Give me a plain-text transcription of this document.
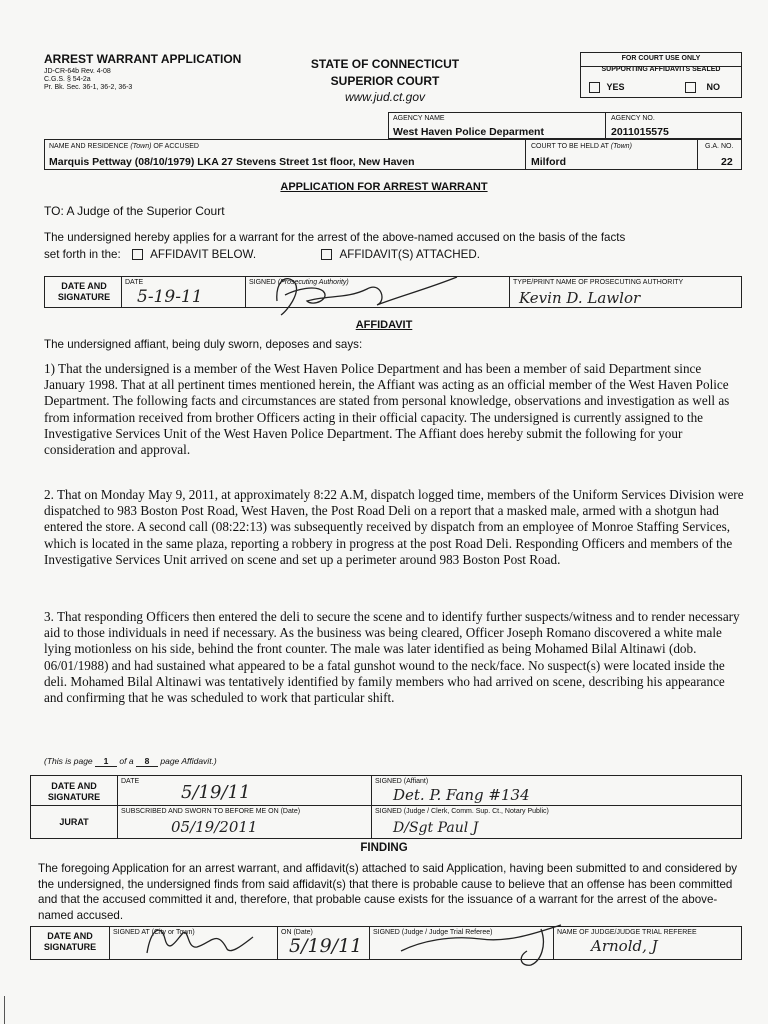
ARREST WARRANT APPLICATION
JD-CR-64b Rev. 4-08
C.G.S. § 54-2a
Pr. Bk. Sec. 36-1, 36-2, 36-3
STATE OF CONNECTICUT
SUPERIOR COURT
www.jud.ct.gov
FOR COURT USE ONLY
SUPPORTING AFFIDAVITS SEALED
YES	NO
AGENCY NAME
West Haven Police Deparment
AGENCY NO.
2011015575
NAME AND RESIDENCE (Town) OF ACCUSED
Marquis Pettway (08/10/1979) LKA 27 Stevens Street 1st floor, New Haven
COURT TO BE HELD AT (Town)
Milford
G.A. NO.
22
APPLICATION FOR ARREST WARRANT
TO: A Judge of the Superior Court
The undersigned hereby applies for a warrant for the arrest of the above-named accused on the basis of the facts
set forth in the:	AFFIDAVIT BELOW.	AFFIDAVIT(S) ATTACHED.
DATE AND SIGNATURE
DATE
5-19-11
SIGNED (Prosecuting Authority)	TYPE/PRINT NAME OF PROSECUTING AUTHORITY
Kevin D. Lawlor
AFFIDAVIT
The undersigned affiant, being duly sworn, deposes and says:
1) That the undersigned is a member of the West Haven Police Department and has been a member of said Department since January 1998. That at all pertinent times mentioned herein, the Affiant was acting as an official member of the West Haven Police Department. The following facts and circumstances are stated from personal knowledge, observations and investigation as well as from information received from brother Officers acting in their official capacity. The undersigned is currently assigned to the Investigative Services Unit of the West Haven Police Department. The Affiant does hereby submit the following for your consideration and approval.
2. That on Monday May 9, 2011, at approximately 8:22 A.M, dispatch logged time, members of the Uniform Services Division were dispatched to 983 Boston Post Road, West Haven, the Post Road Deli on a report that a masked male, armed with a shotgun had entered the store. A second call (08:22:13) was subsequently received by dispatch from an employee of Monroe Staffing Services, which is located in the same plaza, reporting a robbery in progress at the post Road Deli. Responding Officers and members of the Investigative Services Unit arrived on scene and set up a perimeter around 983 Boston Post Road.
3. That responding Officers then entered the deli to secure the scene and to identify further suspects/witness and to render necessary aid to those individuals in need if necessary. As the business was being cleared, Officer Joseph Romano discovered a white male lying motionless on his side, behind the front counter. The male was later identified as being Mohamed Bilal Altinawi (dob. 06/01/1988) and had sustained what appeared to be a fatal gunshot wound to the neck/face. No suspect(s) were located inside the deli. Mohamed Bilal Altinawi was tentatively identified by family members who had arrived on scene, describing his appearance and confirming that he was scheduled to work that particular shift.
(This is page 1 of a 8 page Affidavit.)
DATE AND SIGNATURE
DATE
5/19/11
SIGNED (Affiant)
Det. P. Fang #134
JURAT
SUBSCRIBED AND SWORN TO BEFORE ME ON (Date)
05/19/2011
SIGNED (Judge / Clerk, Comm. Sup. Ct., Notary Public)
D/Sgt Paul J
FINDING
The foregoing Application for an arrest warrant, and affidavit(s) attached to said Application, having been submitted to and considered by the undersigned, the undersigned finds from said affidavit(s) that there is probable cause to believe that an offense has been committed and that the accused committed it and, therefore, that probable cause exists for the issuance of a warrant for the arrest of the above-named accused.
DATE AND SIGNATURE
SIGNED AT (City or Town)	ON (Date)
5/19/11
SIGNED (Judge / Judge Trial Referee)	NAME OF JUDGE/JUDGE TRIAL REFEREE
Arnold, J
